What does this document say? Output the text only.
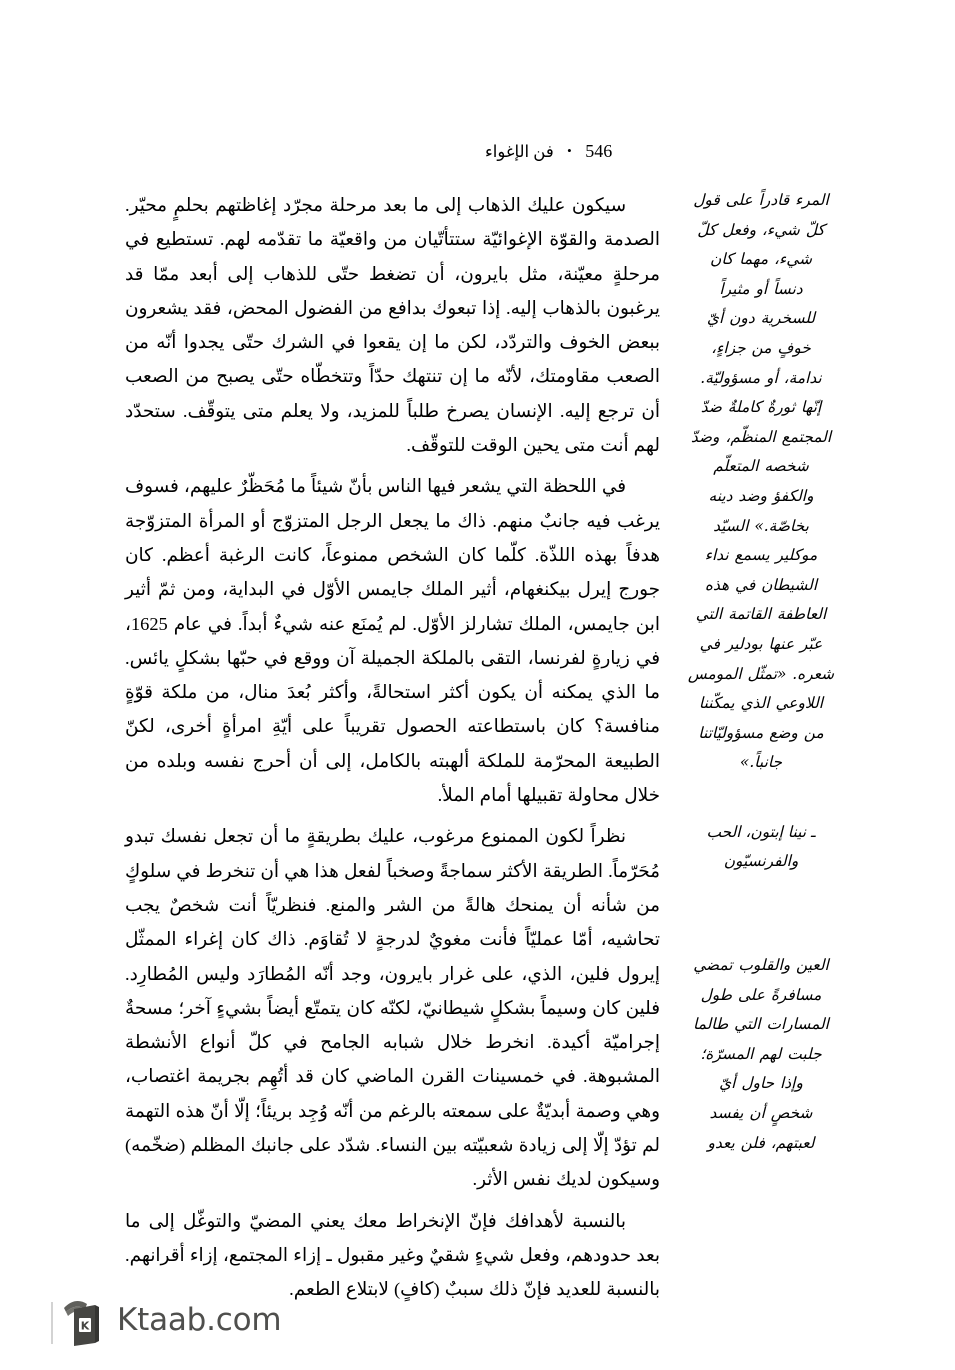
546 • فن الإغواء

سيكون عليك الذهاب إلى ما بعد مرحلة مجرّد إغاظتهم بحلمٍ محيّر. الصدمة والقوّة الإغوائيّة ستتأتّيان من واقعيّة ما تقدّمه لهم. تستطيع في مرحلةٍ معيّنة، مثل بايرون، أن تضغط حتّى للذهاب إلى أبعد ممّا قد يرغبون بالذهاب إليه. إذا تبعوك بدافع من الفضول المحض، فقد يشعرون ببعض الخوف والتردّد، لكن ما إن يقعوا في الشرك حتّى يجدوا أنّه من الصعب مقاومتك، لأنّه ما إن تنتهك حدّاً وتتخطّاه حتّى يصبح من الصعب أن ترجع إليه. الإنسان يصرخ طلباً للمزيد، ولا يعلم متى يتوقّف. ستحدّد لهم أنت متى يحين الوقت للتوقّف.

في اللحظة التي يشعر فيها الناس بأنّ شيئاً ما مُحَظّرٌ عليهم، فسوف يرغب فيه جانبٌ منهم. ذاك ما يجعل الرجل المتزوّج أو المرأة المتزوّجة هدفاً بهذه اللذّة. كلّما كان الشخص ممنوعاً، كانت الرغبة أعظم. كان جورج إيرل بيكنغهام، أثير الملك جايمس الأوّل في البداية، ومن ثمّ أثير ابن جايمس، الملك تشارلز الأوّل. لم يُمنَع عنه شيءٌ أبداً. في عام 1625، في زيارةٍ لفرنسا، التقى بالملكة الجميلة آن ووقع في حبّها بشكلٍ يائس. ما الذي يمكنه أن يكون أكثر استحالةً، وأكثر بُعدَ منال، من ملكة قوّةٍ منافسة؟ كان باستطاعته الحصول تقريباً على أيّةِ امرأةٍ أخرى، لكنّ الطبيعة المحرّمة للملكة ألهبته بالكامل، إلى أن أحرج نفسه وبلده من خلال محاولة تقبيلها أمام الملأ.

نظراً لكون الممنوع مرغوب، عليك بطريقةٍ ما أن تجعل نفسك تبدو مُحَرّماً. الطريقة الأكثر سماجةً وصخباً لفعل هذا هي أن تنخرط في سلوكٍ من شأنه أن يمنحك هالةً من الشر والمنع. فنظريّاً أنت شخصٌ يجب تحاشيه، أمّا عمليّاً فأنت مغويٌ لدرجةٍ لا تُقاوَم. ذاك كان إغراء الممثّل إيرول فلين، الذي، على غرار بايرون، وجد أنّه المُطارَد وليس المُطارِد. فلين كان وسيماً بشكلٍ شيطانيّ، لكنّه كان يتمتّع أيضاً بشيءٍ آخر؛ مسحةٌ إجراميّة أكيدة. انخرط خلال شبابه الجامح في كلّ أنواع الأنشطة المشبوهة. في خمسينات القرن الماضي كان قد أتُهِم بجريمة اغتصاب، وهي وصمة أبديّةٌ على سمعته بالرغم من أنّه وُجِد بريئاً؛ إلّا أنّ هذه التهمة لم تؤدّ إلّا إلى زيادة شعبيّته بين النساء. شدّد على جانبك المظلم (ضخّمه) وسيكون لديك نفس الأثر.

بالنسبة لأهدافك فإنّ الإنخراط معك يعني المضيّ والتوغّل إلى ما بعد حدودهم، وفعل شيءٍ شقيٌ وغير مقبول ـ إزاء المجتمع، إزاء أقرانهم. بالنسبة للعديد فإنّ ذلك سببٌ (كافٍ) لابتلاع الطعم.

المرء قادراً على قول
كلّ شيء، وفعل كلّ
شيء، مهما كان
دنساً أو مثيراً
للسخرية دون أيّ
خوفٍ من جزاءٍ،
ندامة، أو مسؤوليّة.
إنّها ثورةٌ كاملةٌ ضدّ
المجتمع المنظّم، وضدّ
شخصه المتعلّم
والكفؤ وضد دينه
بخاصّة.» السيّد
موكلير يسمع نداء
الشيطان في هذه
العاطفة القاتمة التي
عبّر عنها بودلير في
شعره. «تمثّل المومس
اللاوعي الذي يمكّننا
من وضع مسؤوليّاتنا
جانباً.»
ـ نينا إبتون، الحب
والفرنسيّون
العين والقلوب تمضي
مسافرةً على طول
المسارات التي طالما
جلبت لهم المسرّة؛
وإذا حاول أيّ
شخصٍ أن يفسد
لعبتهم، فلن يعدو
K Ktaab.com
